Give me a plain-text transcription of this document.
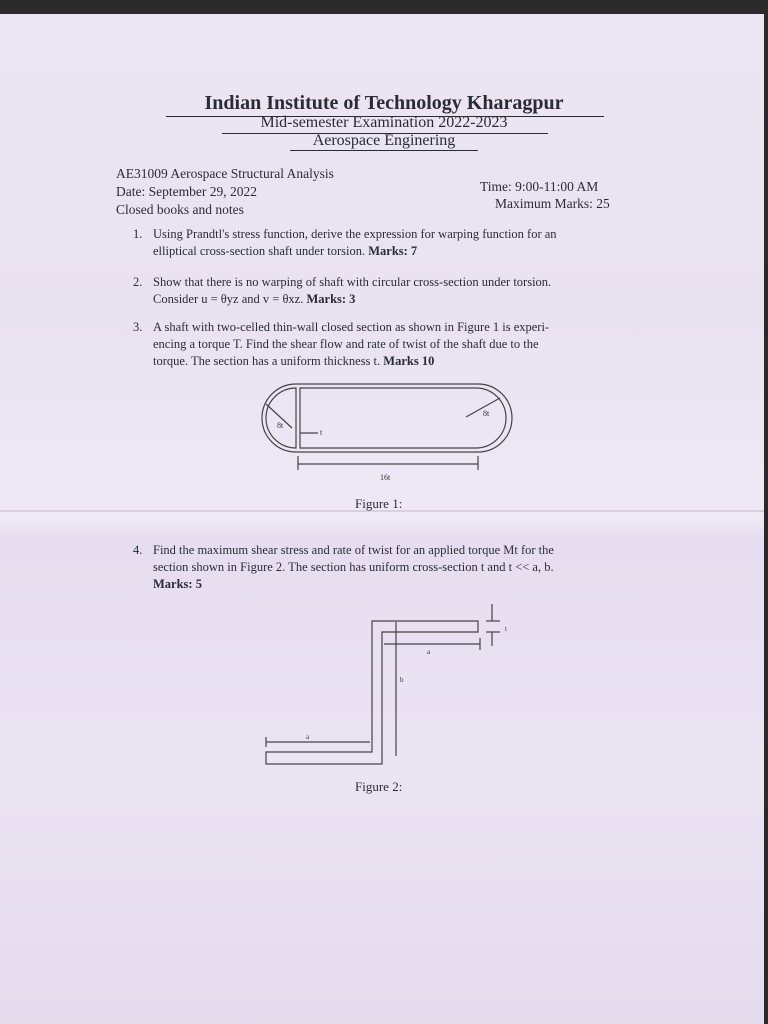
Indian Institute of Technology Kharagpur
Mid-semester Examination 2022-2023
Aerospace Enginering
AE31009 Aerospace Structural Analysis
Date: September 29, 2022
Closed books and notes
Time: 9:00-11:00 AM
Maximum Marks: 25
1. Using Prandtl's stress function, derive the expression for warping function for an
elliptical cross-section shaft under torsion. Marks: 7
2. Show that there is no warping of shaft with circular cross-section under torsion.
Consider u = θyz and v = θxz. Marks: 3
3. A shaft with two-celled thin-wall closed section as shown in Figure 1 is experi-
encing a torque T. Find the shear flow and rate of twist of the shaft due to the
torque. The section has a uniform thickness t. Marks 10
8t
8t
t
16t
Figure 1:
a
b
a
t
Figure 2:
4. Find the maximum shear stress and rate of twist for an applied torque Mt for the
section shown in Figure 2. The section has uniform cross-section t and t << a, b.
Marks: 5
